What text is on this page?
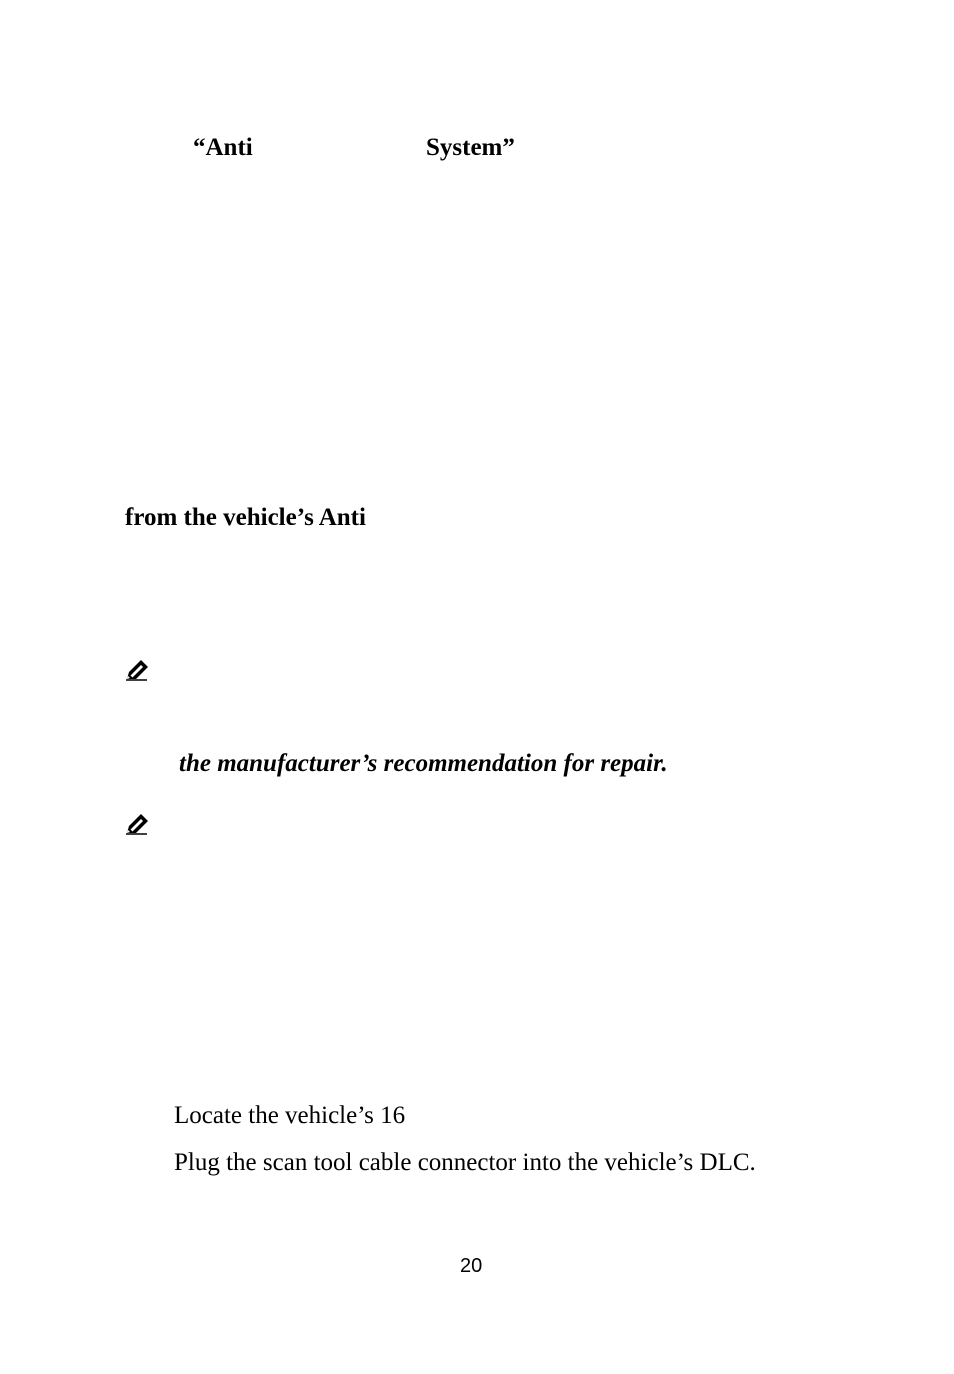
“Anti	System”
from the vehicle’s Anti
the manufacturer’s recommendation for repair.
Locate the vehicle’s 16
Plug the scan tool cable connector into the vehicle’s DLC.
20
